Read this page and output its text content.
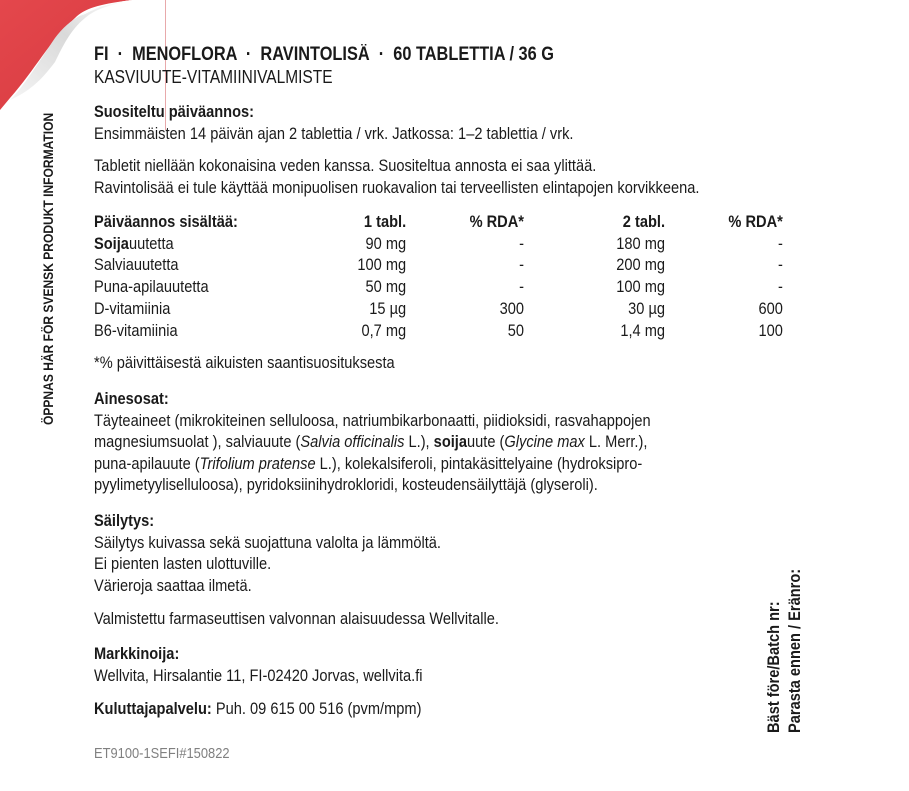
ÖPPNAS HÄR FÖR SVENSK PRODUKT INFORMATION
FI  ·  MENOFLORA  ·  RAVINTOLISÄ  ·  60 TABLETTIA / 36 G
KASVIUUTE-VITAMIINIVALMISTE
Suositeltu päiväannos:
Ensimmäisten 14 päivän ajan 2 tablettia / vrk. Jatkossa: 1–2 tablettia / vrk.
Tabletit niellään kokonaisina veden kanssa. Suositeltua annosta ei saa ylittää.
Ravintolisää ei tule käyttää monipuolisen ruokavalion tai terveellisten elintapojen korvikkeena.
Päiväannos sisältää:	1 tabl.	% RDA*	2 tabl.	% RDA*
Soijauutetta	90 mg	-	180 mg	-
Salviauutetta	100 mg	-	200 mg	-
Puna-apilauutetta	50 mg	-	100 mg	-
D-vitamiinia	15 µg	300	30 µg	600
B6-vitamiinia	0,7 mg	50	1,4 mg	100
*% päivittäisestä aikuisten saantisuosituksesta
Ainesosat:
Täyteaineet (mikrokiteinen selluloosa, natriumbikarbonaatti, piidioksidi, rasvahappojen
magnesiumsuolat ), salviauute (Salvia officinalis L.), soijauute (Glycine max L. Merr.),
puna-apilauute (Trifolium pratense L.), kolekalsiferoli, pintakäsittelyaine (hydroksipro-
pyylimetyyliselluloosa), pyridoksiinihydrokloridi, kosteudensäilyttäjä (glyseroli).
Säilytys:
Säilytys kuivassa sekä suojattuna valolta ja lämmöltä.
Ei pienten lasten ulottuville.
Värieroja saattaa ilmetä.
Valmistettu farmaseuttisen valvonnan alaisuudessa Wellvitalle.
Markkinoija:
Wellvita, Hirsalantie 11, FI-02420 Jorvas, wellvita.fi
Kuluttajapalvelu: Puh. 09 615 00 516 (pvm/mpm)	Bäst före/Batch nr: Parasta ennen / Eränro:
ET9100-1SEFI#150822
